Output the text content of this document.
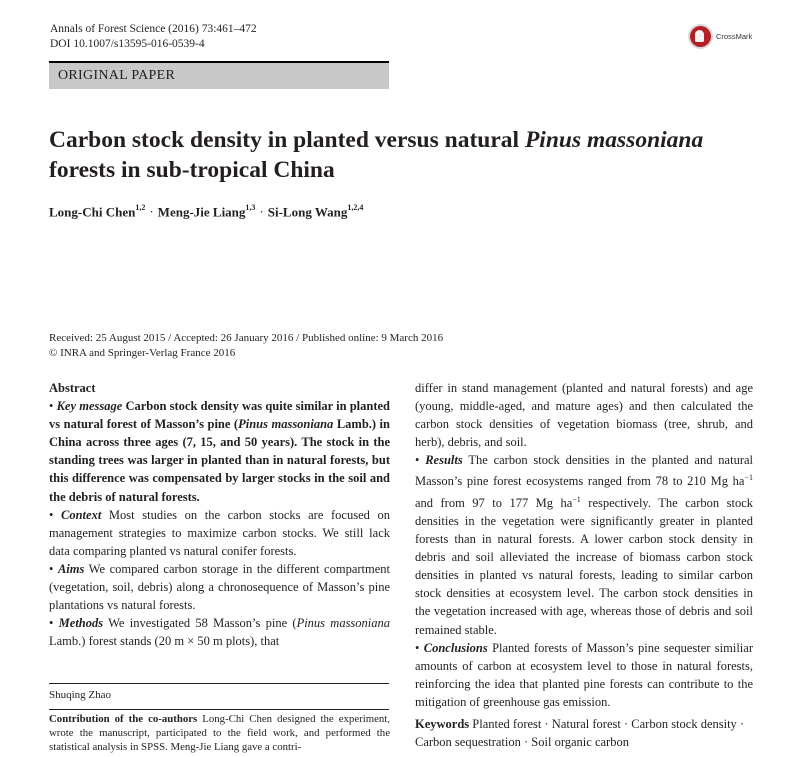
Annals of Forest Science (2016) 73:461–472
DOI 10.1007/s13595-016-0539-4
CrossMark
ORIGINAL PAPER
Carbon stock density in planted versus natural Pinus massoniana forests in sub-tropical China
Long-Chi Chen$^{1,2}$ · Meng-Jie Liang$^{1,3}$ · Si-Long Wang$^{1,2,4}$
Received: 25 August 2015 / Accepted: 26 January 2016 / Published online: 9 March 2016
© INRA and Springer-Verlag France 2016

Abstract

• Key message Carbon stock density was quite similar in planted vs natural forest of Masson’s pine (Pinus massoniana Lamb.) in China across three ages (7, 15, and 50 years). The stock in the standing trees was larger in planted than in natural forests, but this difference was compensated by larger stocks in the soil and the debris of natural forests.

• Context Most studies on the carbon stocks are focused on management strategies to maximize carbon stocks. We still lack data comparing planted vs natural conifer forests.

• Aims We compared carbon storage in the different compartment (vegetation, soil, debris) along a chronosequence of Masson’s pine plantations vs natural forests.

• Methods We investigated 58 Masson’s pine (Pinus massoniana Lamb.) forest stands (20 m × 50 m plots), that

Shuqing Zhao
Contribution of the co-authors Long-Chi Chen designed the experiment, wrote the manuscript, participated to the field work, and performed the statistical analysis in SPSS. Meng-Jie Liang gave a contri-

differ in stand management (planted and natural forests) and age (young, middle-aged, and mature ages) and then calculated the carbon stock densities of vegetation biomass (tree, shrub, and herb), debris, and soil.

• Results The carbon stock densities in the planted and natural Masson’s pine forest ecosystems ranged from 78 to 210 Mg $ha^{-1}$ and from 97 to 177 Mg $ha^{-1}$ respectively. The carbon stock densities in the vegetation were significantly greater in planted forests than in natural forests. A lower carbon stock density in debris and soil alleviated the increase of biomass carbon stock densities in planted vs natural forests, leading to similar carbon stock densities at ecosystem level. The carbon stock densities in the vegetation increased with age, whereas those of debris and soil remained stable.

• Conclusions Planted forests of Masson’s pine sequester similiar amounts of carbon at ecosystem level to those in natural forests, reinforcing the idea that planted pine forests can contribute to the mitigation of greenhouse gas emission.

Keywords Planted forest · Natural forest · Carbon stock density · Carbon sequestration · Soil organic carbon
